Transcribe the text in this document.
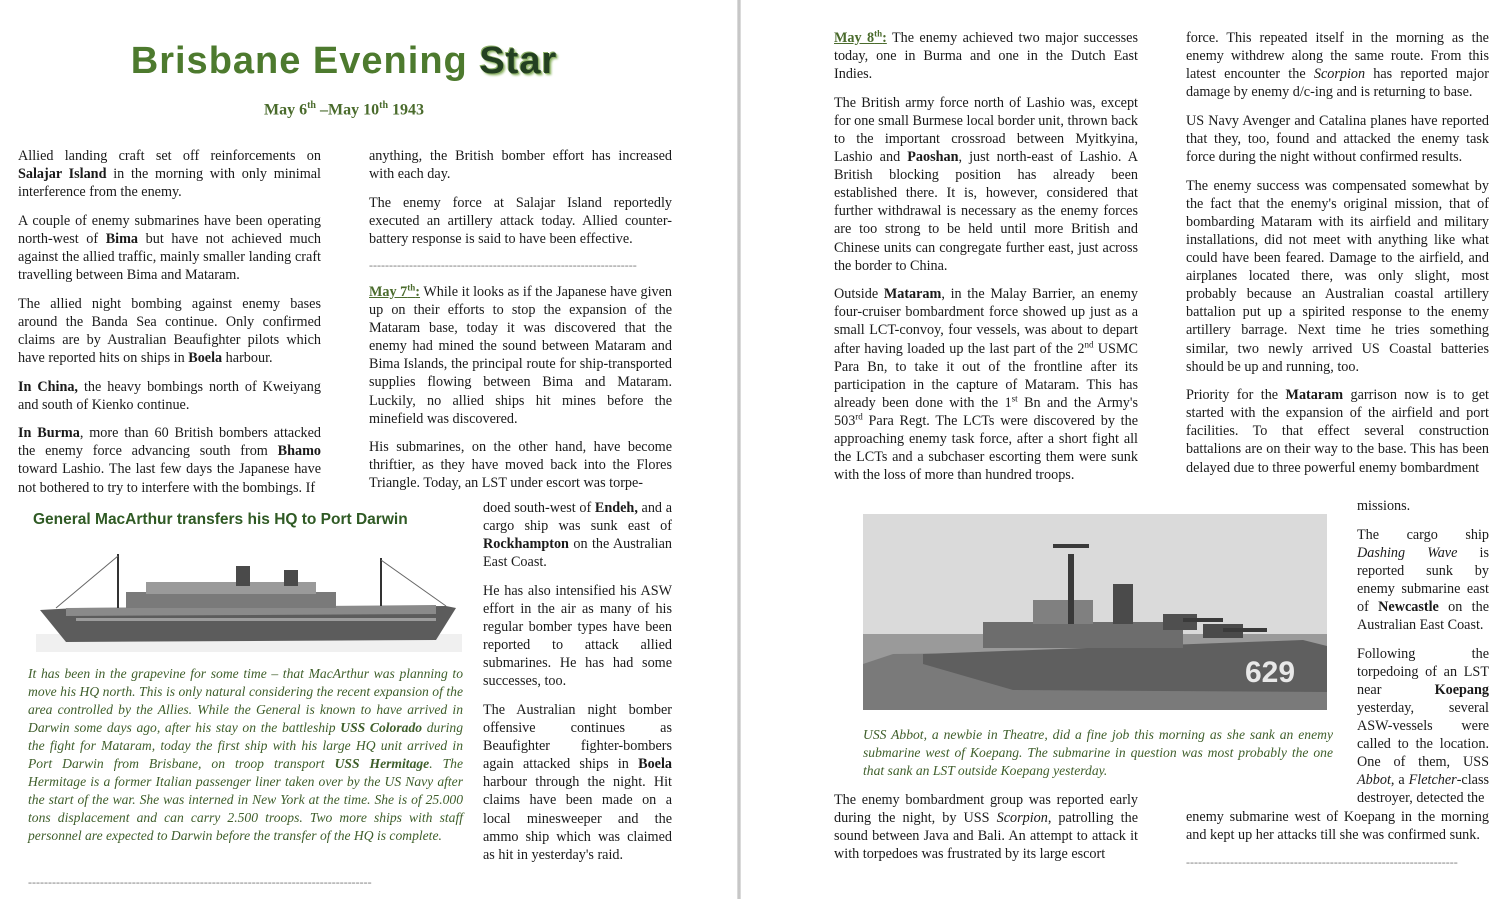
Brisbane Evening Star
May 6th –May 10th 1943

Allied landing craft set off reinforcements on Salajar Island in the morning with only minimal interference from the enemy.

A couple of enemy submarines have been operating north-west of Bima but have not achieved much against the allied traffic, mainly smaller landing craft travelling between Bima and Mataram.

The allied night bombing against enemy bases around the Banda Sea continue. Only confirmed claims are by Australian Beaufighter pilots which have reported hits on ships in Boela harbour.

In China, the heavy bombings north of Kweiyang and south of Kienko continue.

In Burma, more than 60 British bombers attacked the enemy force advancing south from Bhamo toward Lashio. The last few days the Japanese have not bothered to try to interfere with the bombings. If

anything, the British bomber effort has increased with each day.

The enemy force at Salajar Island reportedly executed an artillery attack today. Allied counter-battery response is said to have been effective.

-------------------------------------------------------------------

May 7th: While it looks as if the Japanese have given up on their efforts to stop the expansion of the Mataram base, today it was discovered that the enemy had mined the sound between Mataram and Bima Islands, the principal route for ship-transported supplies flowing between Bima and Mataram. Luckily, no allied ships hit mines before the minefield was discovered.

His submarines, on the other hand, have become thriftier, as they have moved back into the Flores Triangle. Today, an LST under escort was torpe-

doed south-west of Endeh, and a cargo ship was sunk east of Rockhampton on the Australian East Coast.

He has also intensified his ASW effort in the air as many of his regular bomber types have been reported to attack allied submarines. He has had some successes, too.

The Australian night bomber offensive continues as Beaufighter fighter-bombers again attacked ships in Boela harbour through the night. Hit claims have been made on a local minesweeper and the ammo ship which was claimed as hit in yesterday's raid.

General MacArthur transfers his HQ to Port Darwin
It has been in the grapevine for some time – that MacArthur was planning to move his HQ north. This is only natural considering the recent expansion of the area controlled by the Allies. While the General is known to have arrived in Darwin some days ago, after his stay on the battleship USS Colorado during the fight for Mataram, today the first ship with his large HQ unit arrived in Port Darwin from Brisbane, on troop transport USS Hermitage. The Hermitage is a former Italian passenger liner taken over by the US Navy after the start of the war. She was interned in New York at the time. She is of 25.000 tons displacement and can carry 2.500 troops. Two more ships with staff personnel are expected to Darwin before the transfer of the HQ is complete.
--------------------------------------------------------------------------------------

May 8th: The enemy achieved two major successes today, one in Burma and one in the Dutch East Indies.

The British army force north of Lashio was, except for one small Burmese local border unit, thrown back to the important crossroad between Myitkyina, Lashio and Paoshan, just north-east of Lashio. A British blocking position has already been established there. It is, however, considered that further withdrawal is necessary as the enemy forces are too strong to be held until more British and Chinese units can congregate further east, just across the border to China.

Outside Mataram, in the Malay Barrier, an enemy four-cruiser bombardment force showed up just as a small LCT-convoy, four vessels, was about to depart after having loaded up the last part of the 2nd USMC Para Bn, to take it out of the frontline after its participation in the capture of Mataram. This has already been done with the 1st Bn and the Army's 503rd Para Regt. The LCTs were discovered by the approaching enemy task force, after a short fight all the LCTs and a subchaser escorting them were sunk with the loss of more than hundred troops.

629
USS Abbot, a newbie in Theatre, did a fine job this morning as she sank an enemy submarine west of Koepang. The submarine in question was most probably the one that sank an LST outside Koepang yesterday.

The enemy bombardment group was reported early during the night, by USS Scorpion, patrolling the sound between Java and Bali. An attempt to attack it with torpedoes was frustrated by its large escort

force. This repeated itself in the morning as the enemy withdrew along the same route. From this latest encounter the Scorpion has reported major damage by enemy d/c-ing and is returning to base.

US Navy Avenger and Catalina planes have reported that they, too, found and attacked the enemy task force during the night without confirmed results.

The enemy success was compensated somewhat by the fact that the enemy's original mission, that of bombarding Mataram with its airfield and military installations, did not meet with anything like what could have been feared. Damage to the airfield, and airplanes located there, was only slight, most probably because an Australian coastal artillery battalion put up a spirited response to the enemy artillery barrage. Next time he tries something similar, two newly arrived US Coastal batteries should be up and running, too.

Priority for the Mataram garrison now is to get started with the expansion of the airfield and port facilities. To that effect several construction battalions are on their way to the base. This has been delayed due to three powerful enemy bombardment

missions.

The cargo ship Dashing Wave is reported sunk by enemy submarine east of Newcastle on the Australian East Coast.

Following the torpedoing of an LST near Koepang yesterday, several ASW-vessels were called to the location. One of them, USS Abbot, a Fletcher-class destroyer, detected the

enemy submarine west of Koepang in the morning and kept up her attacks till she was confirmed sunk.

--------------------------------------------------------------------
